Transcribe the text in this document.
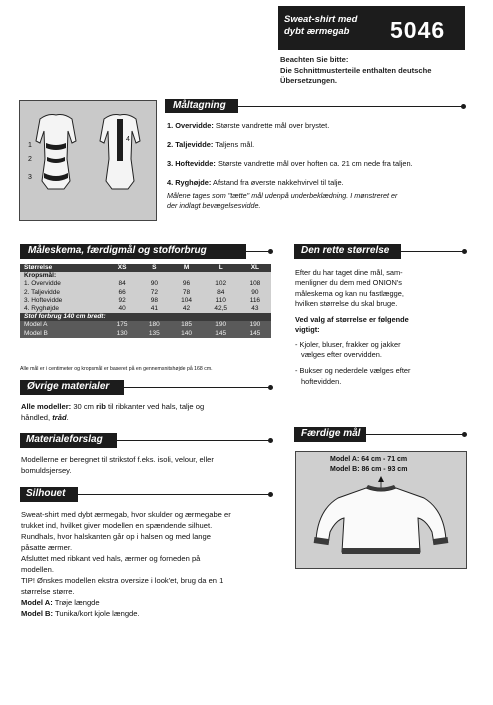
Sweat-shirt med
dybt ærmegab 5046
Beachten Sie bitte:
Die Schnittmusterteile enthalten deutsche
Übersetzungen.
1
2
3
4
Måltagning
1. Overvidde: Største vandrette mål over brystet.
2. Taljevidde: Taljens mål.
3. Hoftevidde: Største vandrette mål over hoften ca. 21 cm nede fra taljen.
4. Ryghøjde: Afstand fra øverste nakkehvirvel til talje.
Målene tages som "tætte" mål udenpå underbeklædning. I mønstreret er
der indlagt bevægelsesvidde.
Måleskema, færdigmål og stofforbrug
Størrelse	XS	S	M	L	XL
Kropsmål:					
1. Overvidde	84	90	96	102	108
2. Taljevidde	66	72	78	84	90
3. Hoftevidde	92	98	104	110	116
4. Ryghøjde	40	41	42	42,5	43
Stof forbrug 140 cm bredt:					
Model A	175	180	185	190	190
Model B	130	135	140	145	145
Alle mål er i centimeter og kropsmål er baseret på en gennemsnitshøjde på 168 cm.
Øvrige materialer
Alle modeller: 30 cm rib til ribkanter ved hals, talje og
håndled, tråd.
Materialeforslag
Modellerne er beregnet til strikstof f.eks. isoli, velour, eller
bomuldsjersey.
Silhouet
Sweat-shirt med dybt ærmegab, hvor skulder og ærmegabe er
trukket ind, hvilket giver modellen en spændende silhuet.
Rundhals, hvor halskanten går op i halsen og med lange
påsatte ærmer.
Afsluttet med ribkant ved hals, ærmer og forneden på
modellen.
TIP! Ønskes modellen ekstra oversize i look'et, brug da en 1
størrelse større.
Model A: Trøje længde
Model B: Tunika/kort kjole længde.
Den rette størrelse
Efter du har taget dine mål, sam-
menligner du dem med ONION's
måleskema og kan nu fastlægge,
hvilken størrelse du skal bruge.
Ved valg af størrelse er følgende
vigtigt:
- Kjoler, bluser, frakker og jakker
vælges efter overvidden.
- Bukser og nederdele vælges efter
hoftevidden.
Færdige mål
Model A: 64 cm - 71 cm
Model B: 86 cm - 93 cm
